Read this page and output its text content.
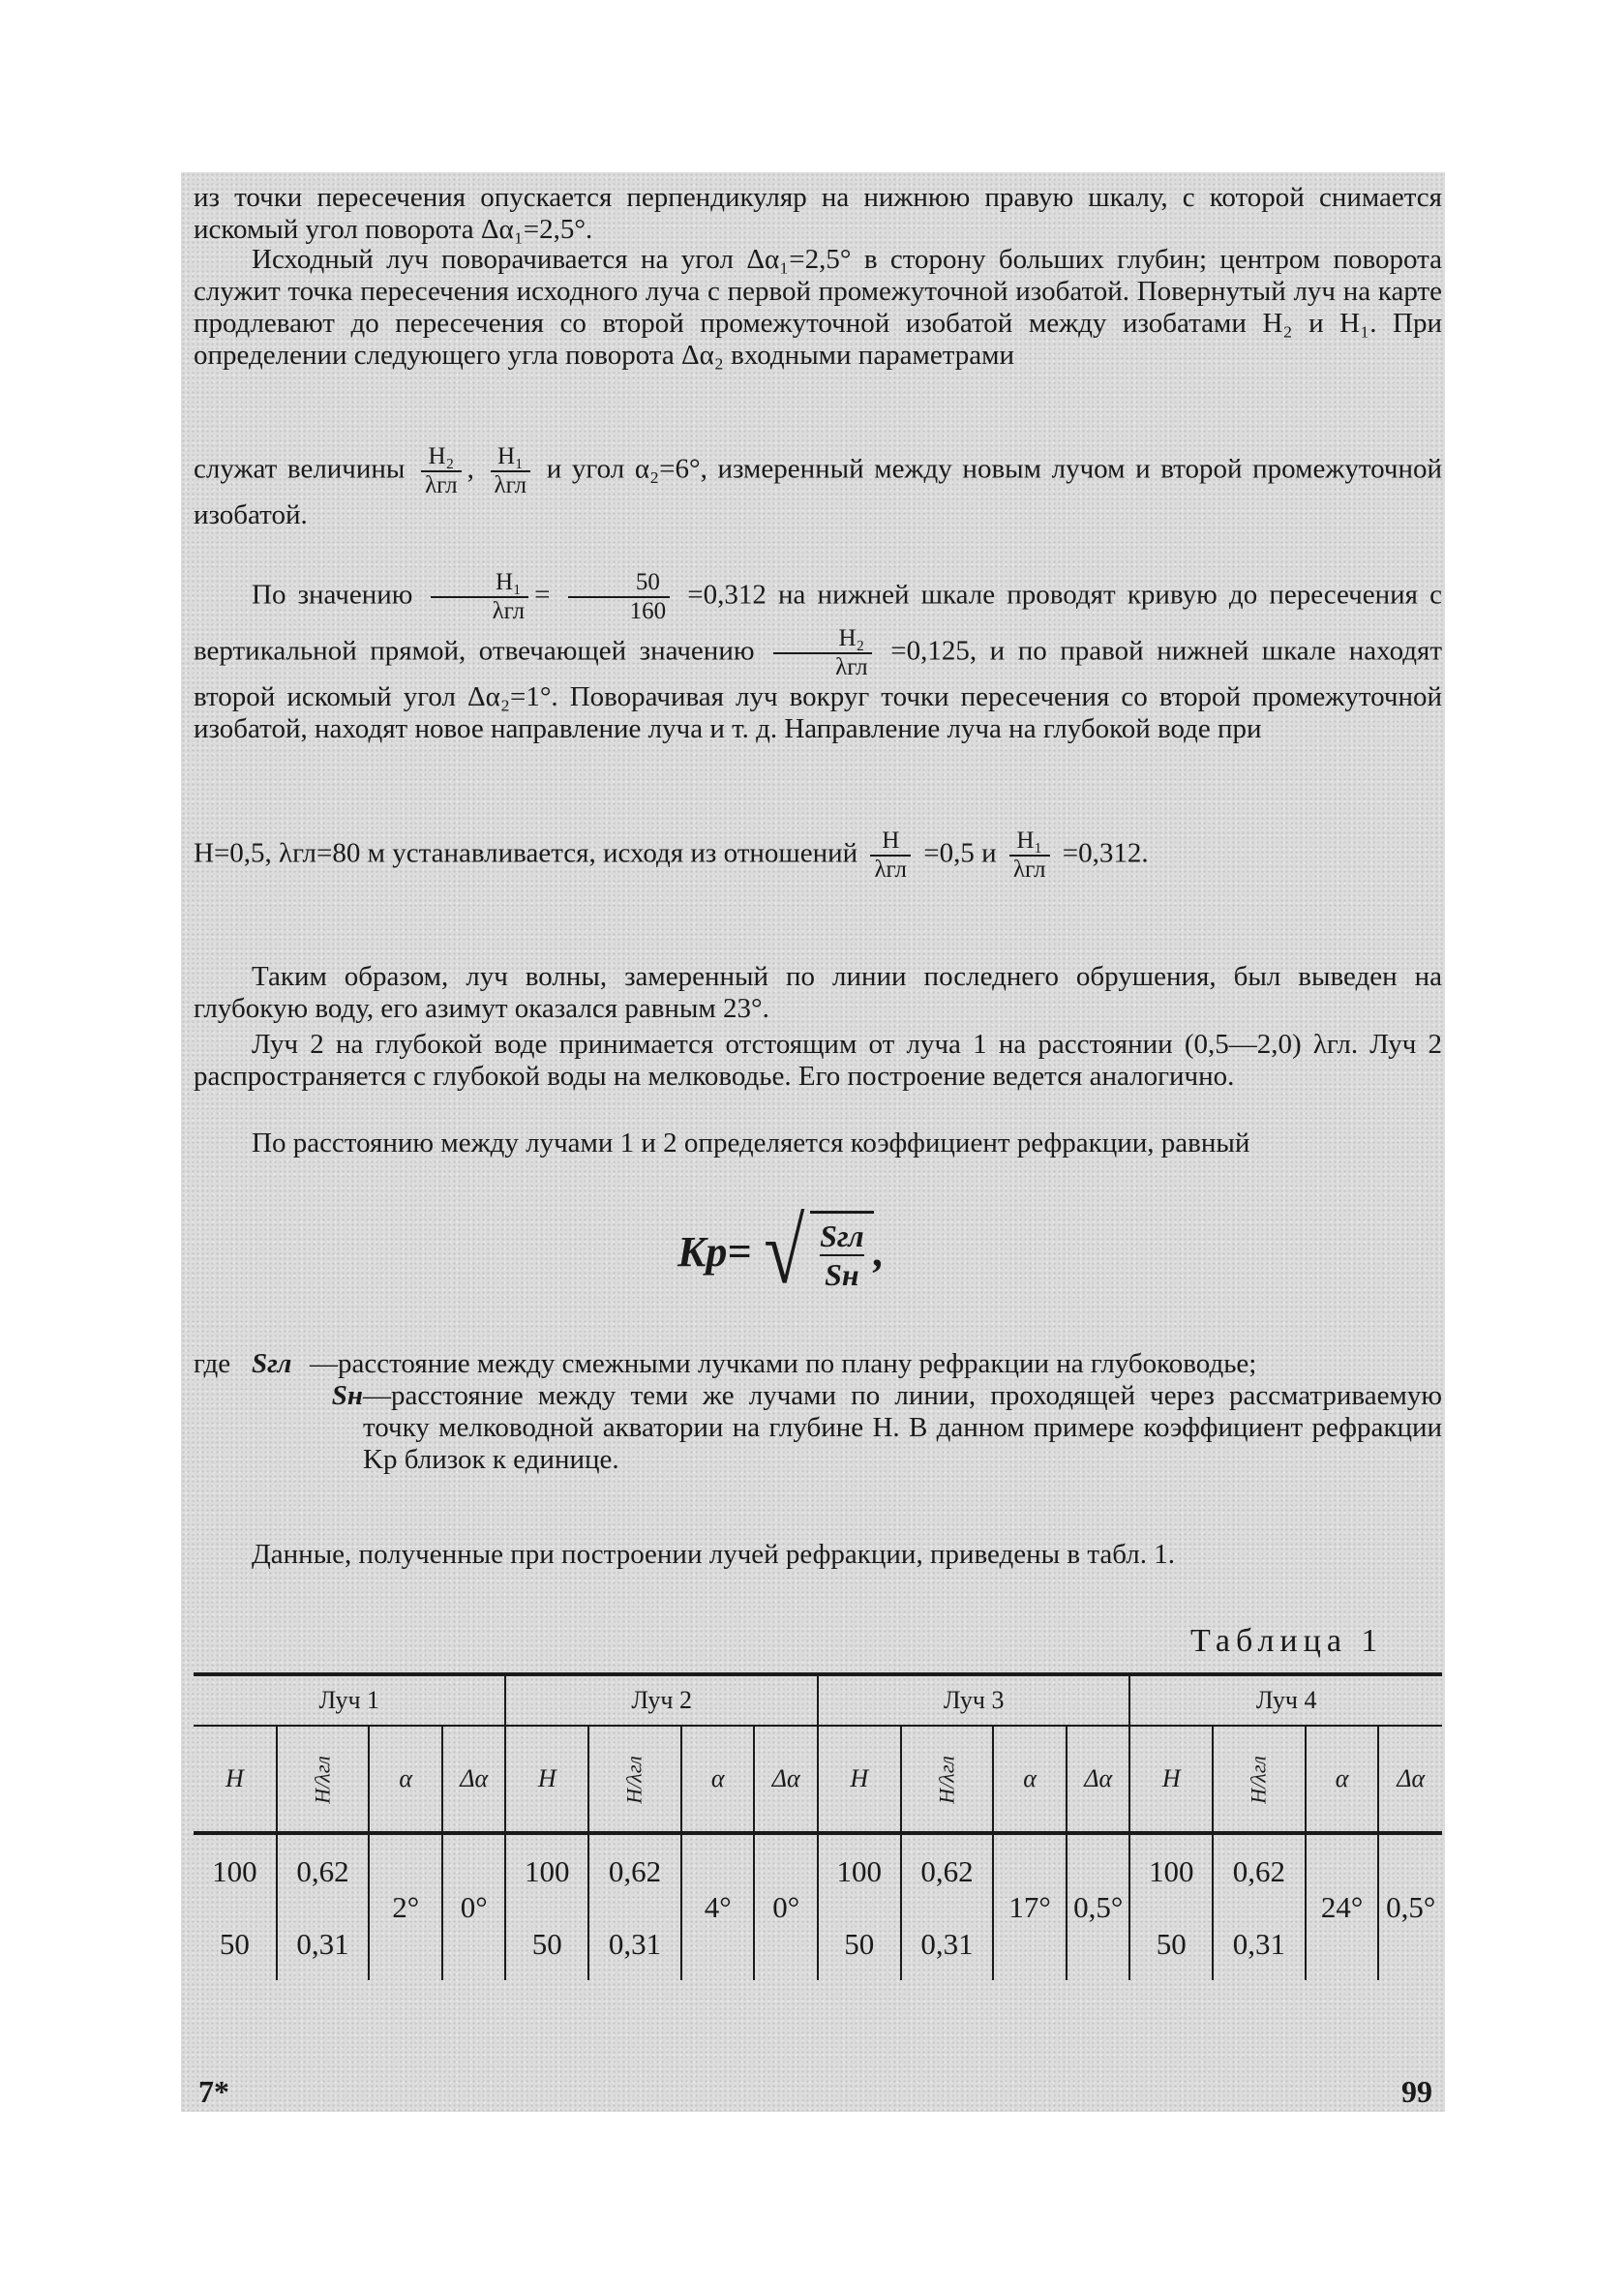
из точки пересечения опускается перпендикуляр на нижнюю правую шкалу, с которой снимается искомый угол поворота Δα₁=2,5°.

Исходный луч поворачивается на угол Δα₁=2,5° в сторону больших глубин; центром поворота служит точка пересечения исходного луча с первой промежуточной изобатой. Повернутый луч на карте продлевают до пересечения со второй промежуточной изобатой между изобатами H₂ и H₁. При определении следующего угла поворота Δα₂ входными параметрами

служат величины $\frac{\text{H₂}}{\text{λгл}}$ , $\frac{\text{H₁}}{\text{λгл}}$ и угол α₂=6°, измеренный между новым лучом и второй промежуточной изобатой.
По значению $\frac{\text{H₁}}{\text{λгл}} = \frac{50}{160} =0,312$ на нижней шкале проводят кривую до пересечения с вертикальной прямой, отвечающей значению $\frac{\text{H₂}}{\text{λгл}} =0,125$, и по правой нижней шкале находят второй искомый угол Δα₂=1°. Поворачивая луч вокруг точки пересечения со второй промежуточной изобатой, находят новое направление луча и т. д. Направление луча на глубокой воде при
H=0,5, λгл=80 м устанавливается, исходя из отношений $\frac{H}{\text{λгл}} =0,5$ и $\frac{\text{H₁}}{\text{λгл}} =0,312$.

Таким образом, луч волны, замеренный по линии последнего обрушения, был выведен на глубокую воду, его азимут оказался равным 23°.

Луч 2 на глубокой воде принимается отстоящим от луча 1 на расстоянии (0,5—2,0) λгл. Луч 2 распространяется с глубокой воды на мелководье. Его построение ведется аналогично.

По расстоянию между лучами 1 и 2 определяется коэффициент рефракции, равный

Kр= √ Sгл
Sн ,
где Sгл —расстояние между смежными лучками по плану рефракции на глубоководье;
Sн —расстояние между теми же лучами по линии, проходящей через рассматриваемую точку мелководной акватории на глубине H. В данном примере коэффициент рефракции Kр близок к единице.

Данные, полученные при построении лучей рефракции, приведены в табл. 1.

Таблица 1
Луч 1				Луч 2				Луч 3				Луч 4			
H	H/λгл	α	Δα	H	H/λгл	α	Δα	H	H/λгл	α	Δα	H	H/λгл	α	Δα
100	0,62	2°	0°	100	0,62	4°	0°	100	0,62	17°	0,5°	100	0,62	24°	0,5°
50	0,31			50	0,31			50	0,31			50	0,31		
7*	99
